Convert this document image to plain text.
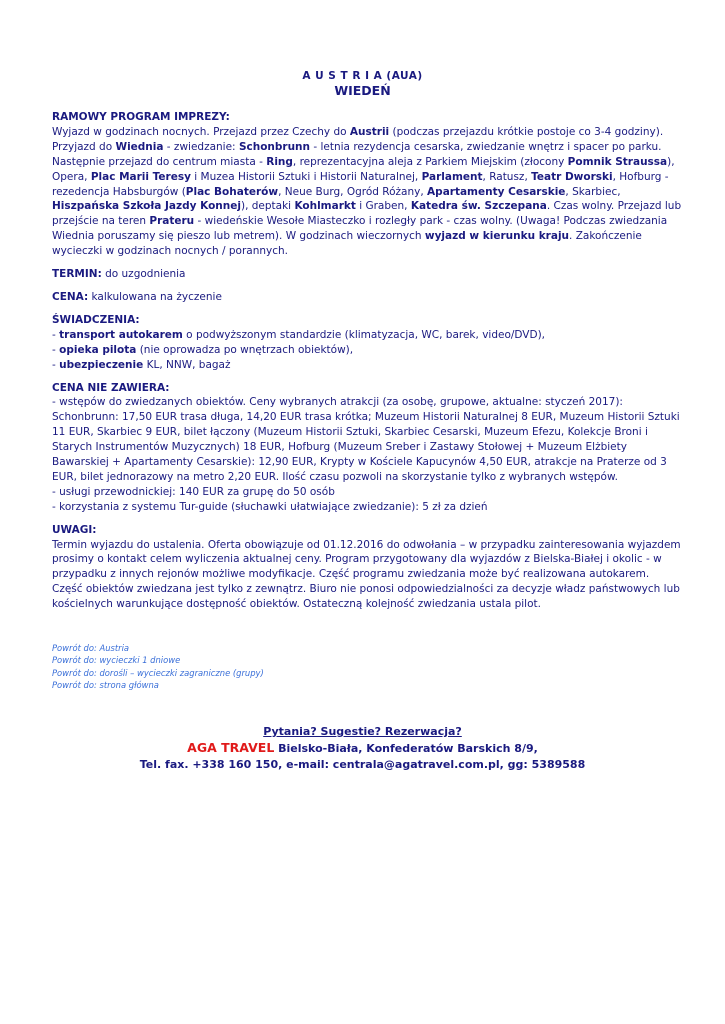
A U S T R I A (AUA)
WIEDEŃ
RAMOWY PROGRAM IMPREZY:
Wyjazd w godzinach nocnych. Przejazd przez Czechy do Austrii (podczas przejazdu krótkie postoje co 3-4 godziny). Przyjazd do Wiednia - zwiedzanie: Schonbrunn - letnia rezydencja cesarska, zwiedzanie wnętrz i spacer po parku. Następnie przejazd do centrum miasta - Ring, reprezentacyjna aleja z Parkiem Miejskim (złocony Pomnik Straussa), Opera, Plac Marii Teresy i Muzea Historii Sztuki i Historii Naturalnej, Parlament, Ratusz, Teatr Dworski, Hofburg - rezedencja Habsburgów (Plac Bohaterów, Neue Burg, Ogród Różany, Apartamenty Cesarskie, Skarbiec, Hiszpańska Szkoła Jazdy Konnej), deptaki Kohlmarkt i Graben, Katedra św. Szczepana. Czas wolny. Przejazd lub przejście na teren Prateru - wiedeńskie Wesołe Miasteczko i rozległy park - czas wolny. (Uwaga! Podczas zwiedzania Wiednia poruszamy się pieszo lub metrem). W godzinach wieczornych wyjazd w kierunku kraju. Zakończenie wycieczki w godzinach nocnych / porannych.
TERMIN: do uzgodnienia
CENA: kalkulowana na życzenie
ŚWIADCZENIA:
- transport autokarem o podwyższonym standardzie (klimatyzacja, WC, barek, video/DVD),
- opieka pilota (nie oprowadza po wnętrzach obiektów),
- ubezpieczenie KL, NNW, bagaż
CENA NIE ZAWIERA:
- wstępów do zwiedzanych obiektów. Ceny wybranych atrakcji (za osobę, grupowe, aktualne: styczeń 2017): Schonbrunn: 17,50 EUR trasa długa, 14,20 EUR trasa krótka; Muzeum Historii Naturalnej 8 EUR, Muzeum Historii Sztuki 11 EUR, Skarbiec 9 EUR, bilet łączony (Muzeum Historii Sztuki, Skarbiec Cesarski, Muzeum Efezu, Kolekcje Broni i Starych Instrumentów Muzycznych) 18 EUR, Hofburg (Muzeum Sreber i Zastawy Stołowej + Muzeum Elżbiety Bawarskiej + Apartamenty Cesarskie): 12,90 EUR, Krypty w Kościele Kapucynów 4,50 EUR, atrakcje na Praterze od 3 EUR, bilet jednorazowy na metro 2,20 EUR. Ilość czasu pozwoli na skorzystanie tylko z wybranych wstępów.
- usługi przewodnickiej: 140 EUR za grupę do 50 osób
- korzystania z systemu Tur-guide (słuchawki ułatwiające zwiedzanie): 5 zł za dzień
UWAGI:
Termin wyjazdu do ustalenia. Oferta obowiązuje od 01.12.2016 do odwołania – w przypadku zainteresowania wyjazdem prosimy o kontakt celem wyliczenia aktualnej ceny. Program przygotowany dla wyjazdów z Bielska-Białej i okolic - w przypadku z innych rejonów możliwe modyfikacje. Część programu zwiedzania może być realizowana autokarem. Część obiektów zwiedzana jest tylko z zewnątrz. Biuro nie ponosi odpowiedzialności za decyzje władz państwowych lub kościelnych warunkujące dostępność obiektów. Ostateczną kolejność zwiedzania ustala pilot.
Powrót do: Austria
Powrót do: wycieczki 1 dniowe
Powrót do: dorośli – wycieczki zagraniczne (grupy)
Powrót do: strona główna
Pytania? Sugestie? Rezerwacja?
AGA TRAVEL Bielsko-Biała, Konfederatów Barskich 8/9,
Tel. fax. +338 160 150, e-mail: centrala@agatravel.com.pl, gg: 5389588
